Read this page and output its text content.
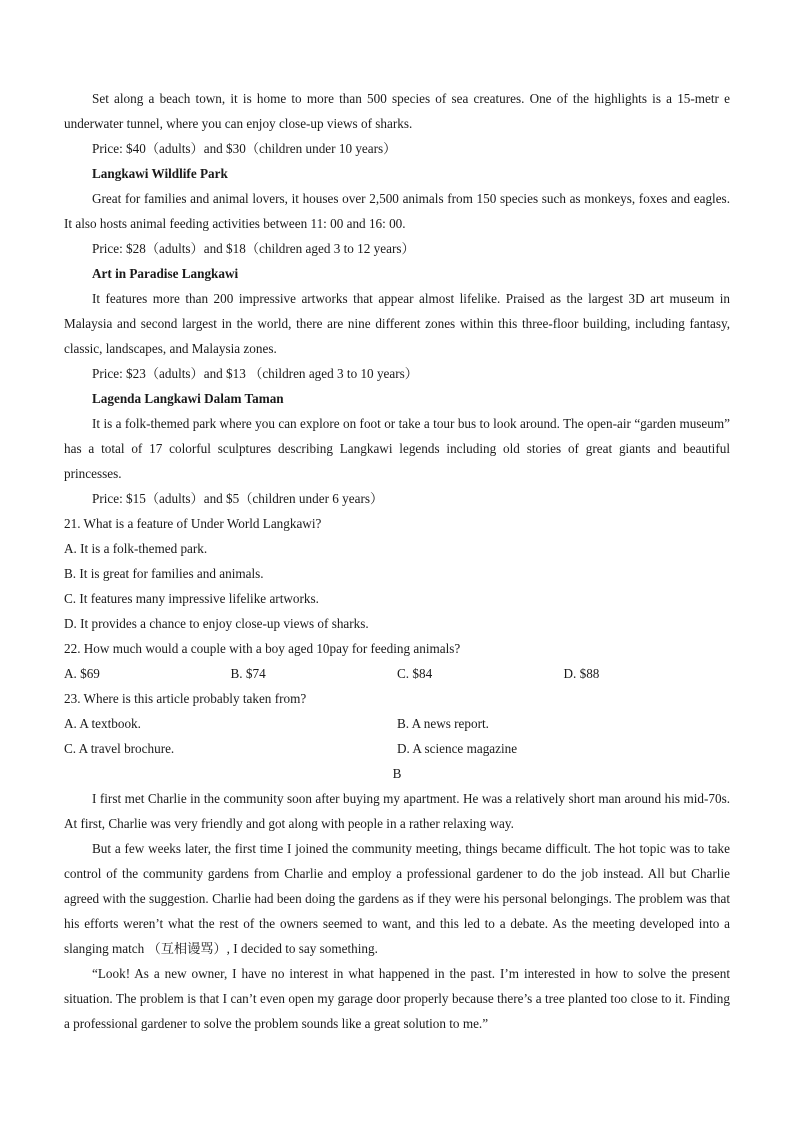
Set along a beach town, it is home to more than 500 species of sea creatures. One of the highlights is a 15-metr e underwater tunnel, where you can enjoy close-up views of sharks.

Price: $40（adults）and $30（children under 10 years）

Langkawi Wildlife Park

Great for families and animal lovers, it houses over 2,500 animals from 150 species such as monkeys, foxes and eagles. It also hosts animal feeding activities between 11: 00 and 16: 00.

Price: $28（adults）and $18（children aged 3 to 12 years）

Art in Paradise Langkawi

It features more than 200 impressive artworks that appear almost lifelike. Praised as the largest 3D art museum in Malaysia and second largest in the world, there are nine different zones within this three-floor building, including fantasy, classic, landscapes, and Malaysia zones.

Price: $23（adults）and $13 （children aged 3 to 10 years）

Lagenda Langkawi Dalam Taman

It is a folk-themed park where you can explore on foot or take a tour bus to look around. The open-air “garden museum” has a total of 17 colorful sculptures describing Langkawi legends including old stories of great giants and beautiful princesses.

Price: $15（adults）and $5（children under 6 years）

21. What is a feature of Under World Langkawi?

A. It is a folk-themed park.

B. It is great for families and animals.

C. It features many impressive lifelike artworks.

D. It provides a chance to enjoy close-up views of sharks.

22. How much would a couple with a boy aged 10pay for feeding animals?

A. $69	B. $74	C. $84	D. $88

23. Where is this article probably taken from?

A. A textbook.	B. A news report.
C. A travel brochure.	D. A science magazine

B

I first met Charlie in the community soon after buying my apartment. He was a relatively short man around his mid-70s. At first, Charlie was very friendly and got along with people in a rather relaxing way.

But a few weeks later, the first time I joined the community meeting, things became difficult. The hot topic was to take control of the community gardens from Charlie and employ a professional gardener to do the job instead. All but Charlie agreed with the suggestion. Charlie had been doing the gardens as if they were his personal belongings. The problem was that his efforts weren’t what the rest of the owners seemed to want, and this led to a debate. As the meeting developed into a slanging match （互相谩骂）, I decided to say something.

“Look! As a new owner, I have no interest in what happened in the past. I’m interested in how to solve the present situation. The problem is that I can’t even open my garage door properly because there’s a tree planted too close to it. Finding a professional gardener to solve the problem sounds like a great solution to me.”
